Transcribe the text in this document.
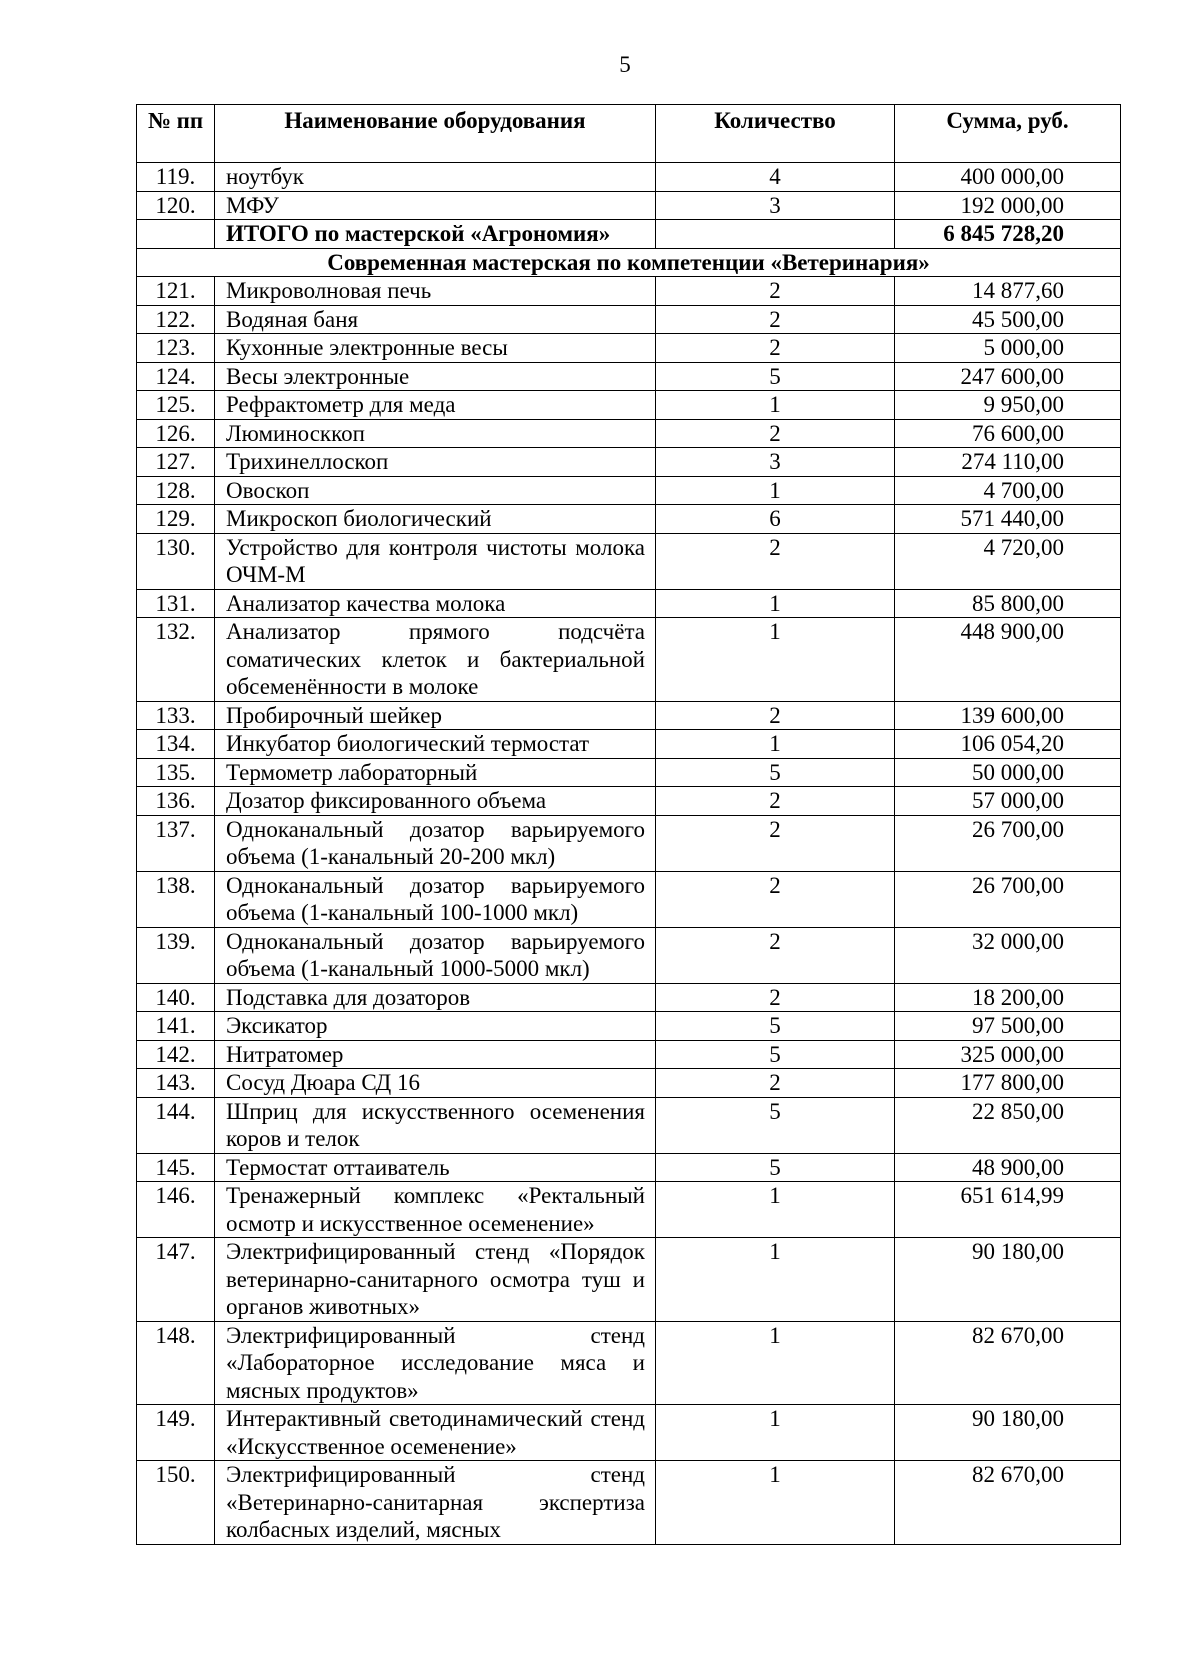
5
№ пп	Наименование оборудования	Количество	Сумма, руб.
119.	ноутбук	4	400 000,00
120.	МФУ	3	192 000,00
	ИТОГО по мастерской «Агрономия»		6 845 728,20
Современная мастерская по компетенции «Ветеринария»			
121.	Микроволновая печь	2	14 877,60
122.	Водяная баня	2	45 500,00
123.	Кухонные электронные весы	2	5 000,00
124.	Весы электронные	5	247 600,00
125.	Рефрактометр для меда	1	9 950,00
126.	Люминосккоп	2	76 600,00
127.	Трихинеллоскоп	3	274 110,00
128.	Овоскоп	1	4 700,00
129.	Микроскоп биологический	6	571 440,00
130.	Устройство для контроля чистоты молока ОЧМ-М	2	4 720,00
131.	Анализатор качества молока	1	85 800,00
132.	Анализатор прямого подсчёта соматических клеток и бактериальной обсеменённости в молоке	1	448 900,00
133.	Пробирочный шейкер	2	139 600,00
134.	Инкубатор биологический термостат	1	106 054,20
135.	Термометр лабораторный	5	50 000,00
136.	Дозатор фиксированного объема	2	57 000,00
137.	Одноканальный дозатор варьируемого объема (1-канальный 20-200 мкл)	2	26 700,00
138.	Одноканальный дозатор варьируемого объема (1-канальный 100-1000 мкл)	2	26 700,00
139.	Одноканальный дозатор варьируемого объема (1-канальный 1000-5000 мкл)	2	32 000,00
140.	Подставка для дозаторов	2	18 200,00
141.	Эксикатор	5	97 500,00
142.	Нитратомер	5	325 000,00
143.	Сосуд Дюара СД 16	2	177 800,00
144.	Шприц для искусственного осеменения коров и телок	5	22 850,00
145.	Термостат оттаиватель	5	48 900,00
146.	Тренажерный комплекс «Ректальный осмотр и искусственное осеменение»	1	651 614,99
147.	Электрифицированный стенд «Порядок ветеринарно-санитарного осмотра туш и органов животных»	1	90 180,00
148.	Электрифицированный стенд «Лабораторное исследование мяса и мясных продуктов»	1	82 670,00
149.	Интерактивный светодинамический стенд «Искусственное осеменение»	1	90 180,00
150.	Электрифицированный стенд «Ветеринарно-санитарная экспертиза колбасных изделий, мясных	1	82 670,00
